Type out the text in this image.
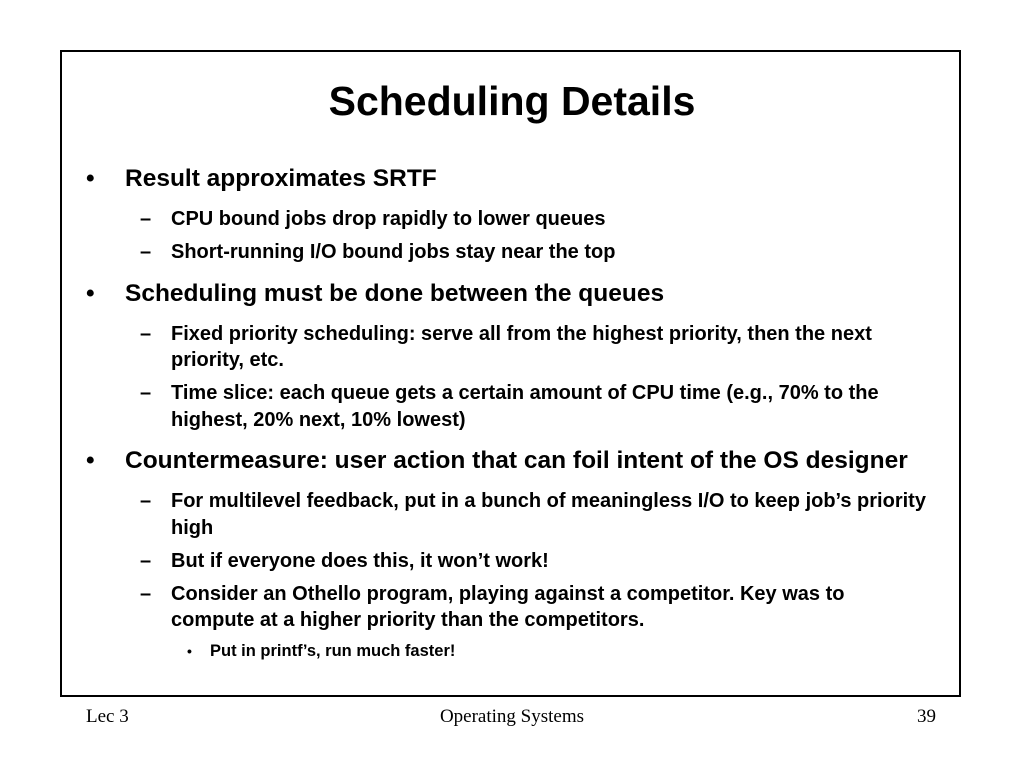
Scheduling Details
• Result approximates SRTF
– CPU bound jobs drop rapidly to lower queues
– Short-running I/O bound jobs stay near the top
• Scheduling must be done between the queues
– Fixed priority scheduling: serve all from the highest priority, then the next priority, etc.
– Time slice: each queue gets a certain amount of CPU time (e.g., 70% to the highest, 20% next, 10% lowest)
• Countermeasure: user action that can foil intent of the OS designer
– For multilevel feedback, put in a bunch of meaningless I/O to keep job’s priority high
– But if everyone does this, it won’t work!
– Consider an Othello program, playing against a competitor. Key was to compute at a higher priority than the competitors.
• Put in printf’s, run much faster!
Lec 3	Operating Systems	39
